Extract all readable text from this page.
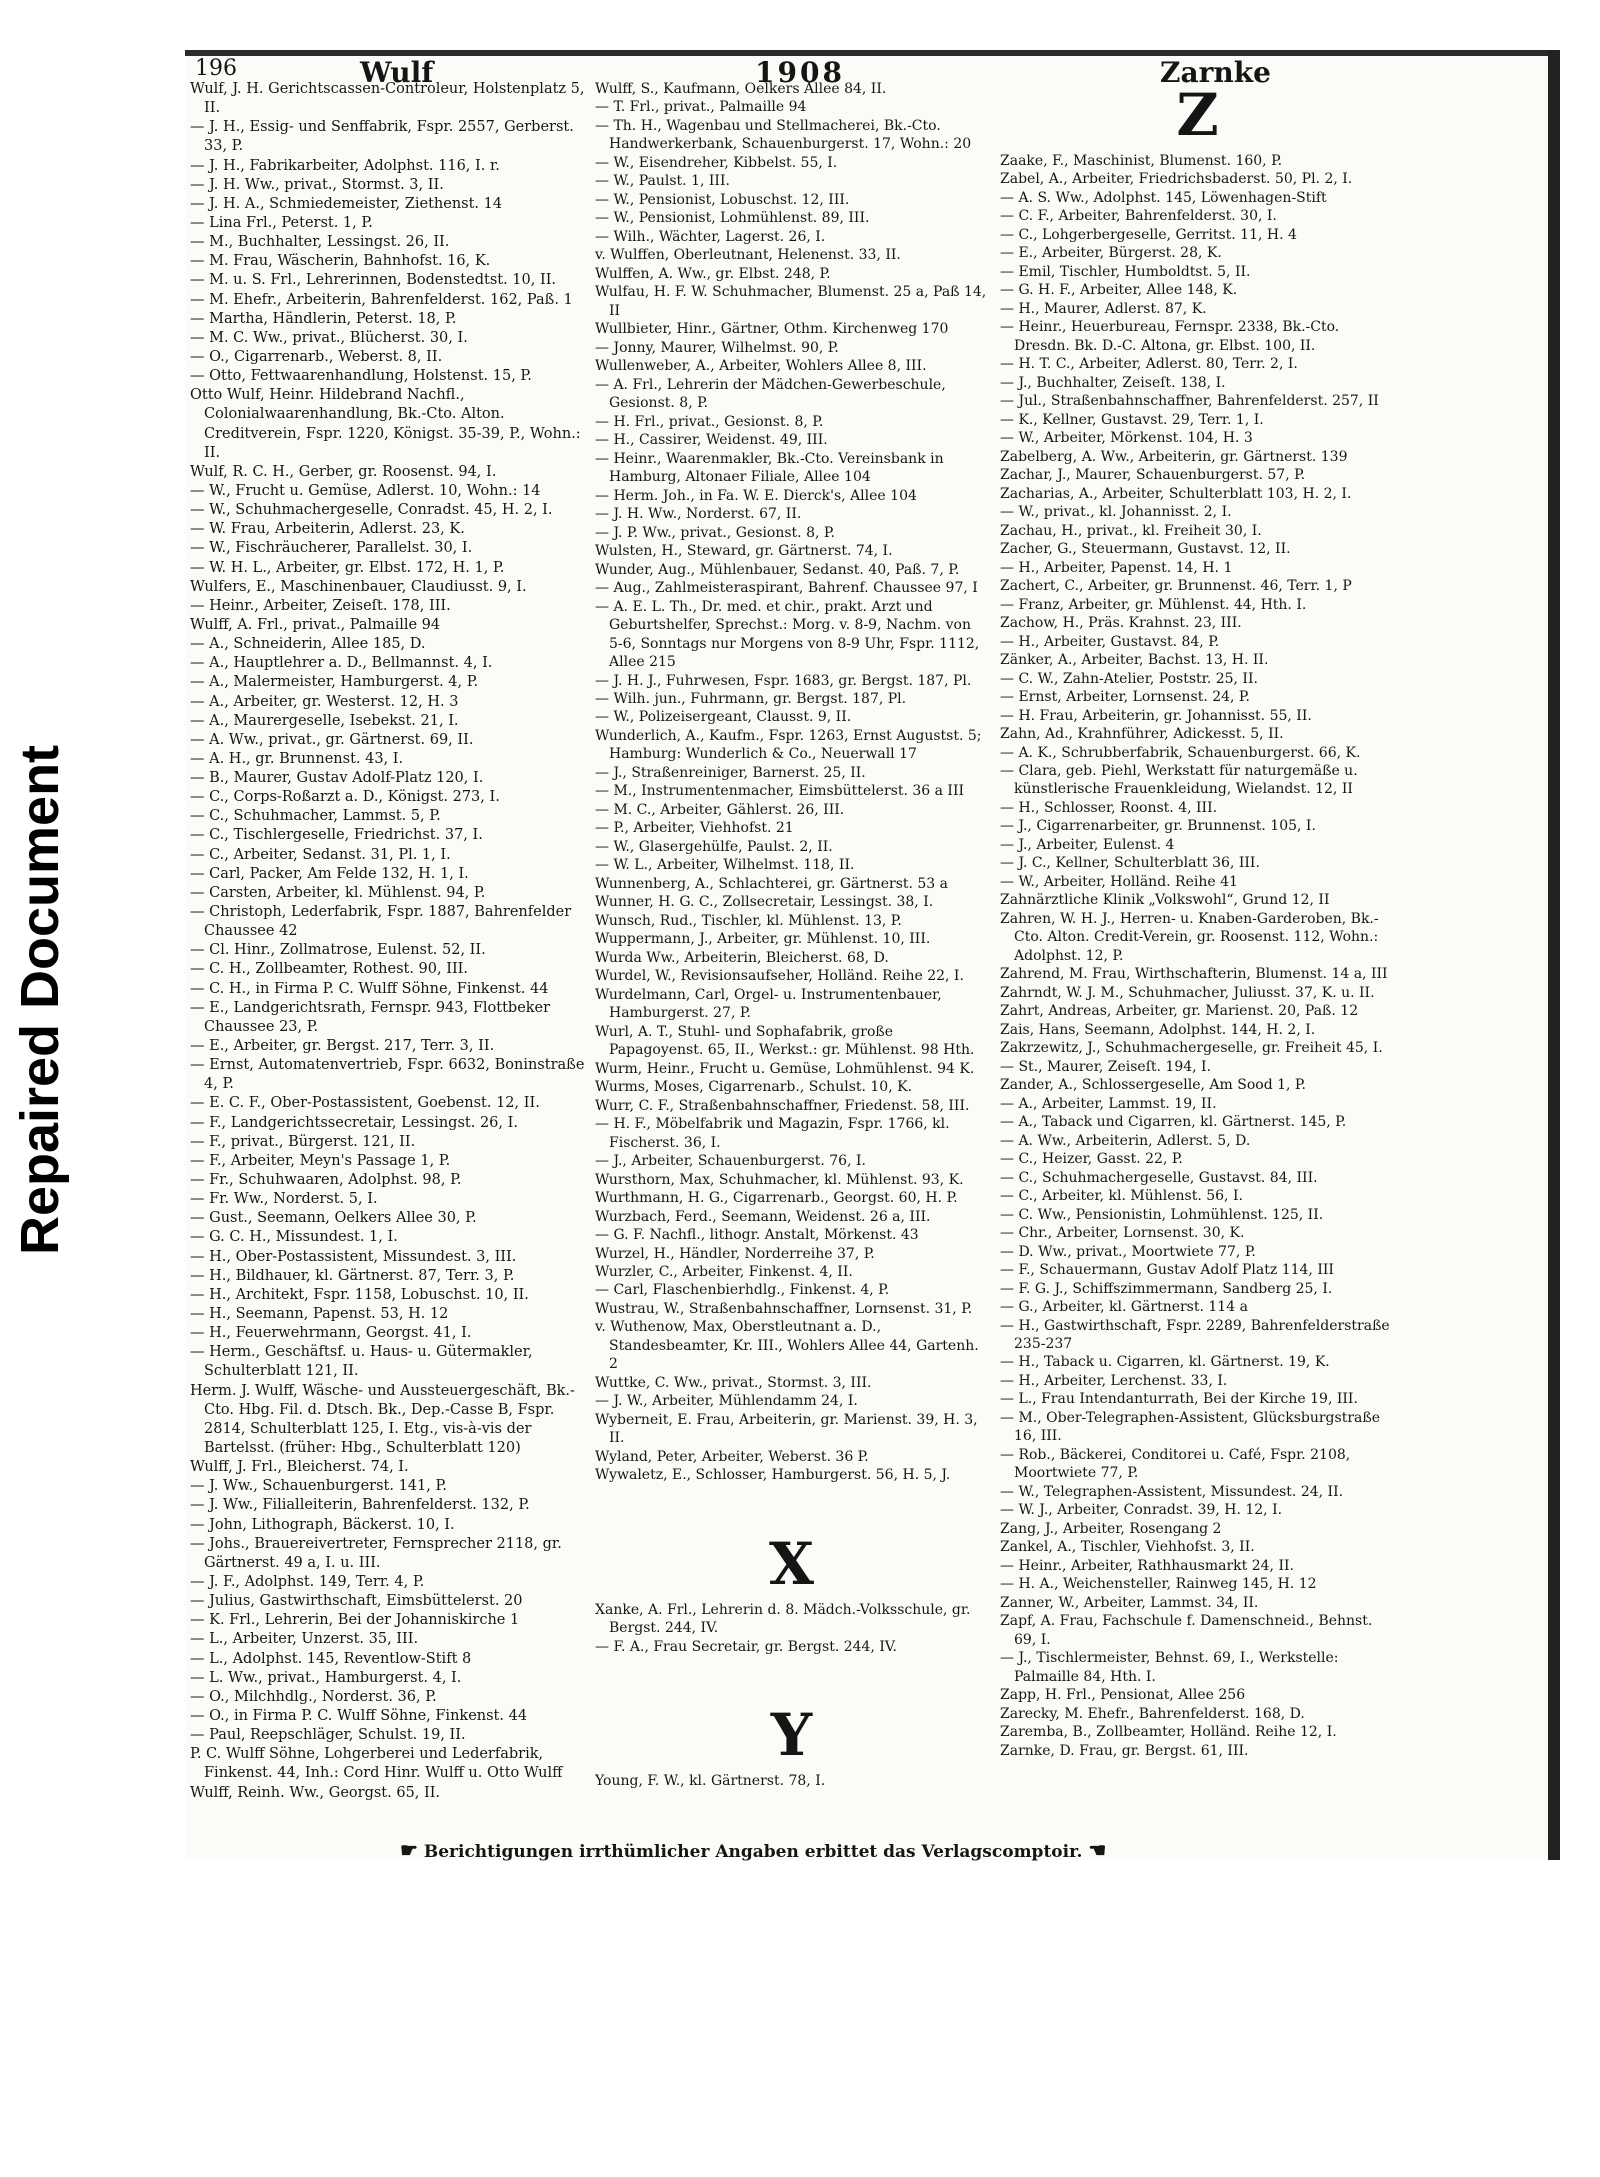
Repaired Document
196	Wulf	1908	Zarnke

Wulf, J. H. Gerichtscassen-Controleur, Holstenplatz 5, II.

— J. H., Essig- und Senffabrik, Fspr. 2557, Gerberst. 33, P.

— J. H., Fabrikarbeiter, Adolphst. 116, I. r.

— J. H. Ww., privat., Stormst. 3, II.

— J. H. A., Schmiedemeister, Ziethenst. 14

— Lina Frl., Peterst. 1, P.

— M., Buchhalter, Lessingst. 26, II.

— M. Frau, Wäscherin, Bahnhofst. 16, K.

— M. u. S. Frl., Lehrerinnen, Bodenstedtst. 10, II.

— M. Ehefr., Arbeiterin, Bahrenfelderst. 162, Paß. 1

— Martha, Händlerin, Peterst. 18, P.

— M. C. Ww., privat., Blücherst. 30, I.

— O., Cigarrenarb., Weberst. 8, II.

— Otto, Fettwaarenhandlung, Holstenst. 15, P.

Otto Wulf, Heinr. Hildebrand Nachfl., Colonialwaarenhandlung, Bk.-Cto. Alton. Creditverein, Fspr. 1220, Königst. 35-39, P., Wohn.: II.

Wulf, R. C. H., Gerber, gr. Roosenst. 94, I.

— W., Frucht u. Gemüse, Adlerst. 10, Wohn.: 14

— W., Schuhmachergeselle, Conradst. 45, H. 2, I.

— W. Frau, Arbeiterin, Adlerst. 23, K.

— W., Fischräucherer, Parallelst. 30, I.

— W. H. L., Arbeiter, gr. Elbst. 172, H. 1, P.

Wulfers, E., Maschinenbauer, Claudiusst. 9, I.

— Heinr., Arbeiter, Zeiseſt. 178, III.

Wulff, A. Frl., privat., Palmaille 94

— A., Schneiderin, Allee 185, D.

— A., Hauptlehrer a. D., Bellmannst. 4, I.

— A., Malermeister, Hamburgerst. 4, P.

— A., Arbeiter, gr. Westerst. 12, H. 3

— A., Maurergeselle, Isebekst. 21, I.

— A. Ww., privat., gr. Gärtnerst. 69, II.

— A. H., gr. Brunnenst. 43, I.

— B., Maurer, Gustav Adolf-Platz 120, I.

— C., Corps-Roßarzt a. D., Königst. 273, I.

— C., Schuhmacher, Lammst. 5, P.

— C., Tischlergeselle, Friedrichst. 37, I.

— C., Arbeiter, Sedanst. 31, Pl. 1, I.

— Carl, Packer, Am Felde 132, H. 1, I.

— Carsten, Arbeiter, kl. Mühlenst. 94, P.

— Christoph, Lederfabrik, Fspr. 1887, Bahrenfelder Chaussee 42

— Cl. Hinr., Zollmatrose, Eulenst. 52, II.

— C. H., Zollbeamter, Rothest. 90, III.

— C. H., in Firma P. C. Wulff Söhne, Finkenst. 44

— E., Landgerichtsrath, Fernspr. 943, Flottbeker Chaussee 23, P.

— E., Arbeiter, gr. Bergst. 217, Terr. 3, II.

— Ernst, Automatenvertrieb, Fspr. 6632, Boninstraße 4, P.

— E. C. F., Ober-Postassistent, Goebenst. 12, II.

— F., Landgerichtssecretair, Lessingst. 26, I.

— F., privat., Bürgerst. 121, II.

— F., Arbeiter, Meyn's Passage 1, P.

— Fr., Schuhwaaren, Adolphst. 98, P.

— Fr. Ww., Norderst. 5, I.

— Gust., Seemann, Oelkers Allee 30, P.

— G. C. H., Missundest. 1, I.

— H., Ober-Postassistent, Missundest. 3, III.

— H., Bildhauer, kl. Gärtnerst. 87, Terr. 3, P.

— H., Architekt, Fspr. 1158, Lobuschst. 10, II.

— H., Seemann, Papenst. 53, H. 12

— H., Feuerwehrmann, Georgst. 41, I.

— Herm., Geschäftsf. u. Haus- u. Gütermakler, Schulterblatt 121, II.

Herm. J. Wulff, Wäsche- und Aussteuergeschäft, Bk.-Cto. Hbg. Fil. d. Dtsch. Bk., Dep.-Casse B, Fspr. 2814, Schulterblatt 125, I. Etg., vis-à-vis der Bartelsst. (früher: Hbg., Schulterblatt 120)

Wulff, J. Frl., Bleicherst. 74, I.

— J. Ww., Schauenburgerst. 141, P.

— J. Ww., Filialleiterin, Bahrenfelderst. 132, P.

— John, Lithograph, Bäckerst. 10, I.

— Johs., Brauereivertreter, Fernsprecher 2118, gr. Gärtnerst. 49 a, I. u. III.

— J. F., Adolphst. 149, Terr. 4, P.

— Julius, Gastwirthschaft, Eimsbüttelerst. 20

— K. Frl., Lehrerin, Bei der Johanniskirche 1

— L., Arbeiter, Unzerst. 35, III.

— L., Adolphst. 145, Reventlow-Stift 8

— L. Ww., privat., Hamburgerst. 4, I.

— O., Milchhdlg., Norderst. 36, P.

— O., in Firma P. C. Wulff Söhne, Finkenst. 44

— Paul, Reepschläger, Schulst. 19, II.

P. C. Wulff Söhne, Lohgerberei und Lederfabrik, Finkenst. 44, Inh.: Cord Hinr. Wulff u. Otto Wulff

Wulff, Reinh. Ww., Georgst. 65, II.

Wulff, S., Kaufmann, Oelkers Allee 84, II.

— T. Frl., privat., Palmaille 94

— Th. H., Wagenbau und Stellmacherei, Bk.-Cto. Handwerkerbank, Schauenburgerst. 17, Wohn.: 20

— W., Eisendreher, Kibbelst. 55, I.

— W., Paulst. 1, III.

— W., Pensionist, Lobuschst. 12, III.

— W., Pensionist, Lohmühlenst. 89, III.

— Wilh., Wächter, Lagerst. 26, I.

v. Wulffen, Oberleutnant, Helenenst. 33, II.

Wulffen, A. Ww., gr. Elbst. 248, P.

Wulfau, H. F. W. Schuhmacher, Blumenst. 25 a, Paß 14, II

Wullbieter, Hinr., Gärtner, Othm. Kirchenweg 170

— Jonny, Maurer, Wilhelmst. 90, P.

Wullenweber, A., Arbeiter, Wohlers Allee 8, III.

— A. Frl., Lehrerin der Mädchen-Gewerbeschule, Gesionst. 8, P.

— H. Frl., privat., Gesionst. 8, P.

— H., Cassirer, Weidenst. 49, III.

— Heinr., Waarenmakler, Bk.-Cto. Vereinsbank in Hamburg, Altonaer Filiale, Allee 104

— Herm. Joh., in Fa. W. E. Dierck's, Allee 104

— J. H. Ww., Norderst. 67, II.

— J. P. Ww., privat., Gesionst. 8, P.

Wulsten, H., Steward, gr. Gärtnerst. 74, I.

Wunder, Aug., Mühlenbauer, Sedanst. 40, Paß. 7, P.

— Aug., Zahlmeisteraspirant, Bahrenf. Chaussee 97, I

— A. E. L. Th., Dr. med. et chir., prakt. Arzt und Geburtshelfer, Sprechst.: Morg. v. 8-9, Nachm. von 5-6, Sonntags nur Morgens von 8-9 Uhr, Fspr. 1112, Allee 215

— J. H. J., Fuhrwesen, Fspr. 1683, gr. Bergst. 187, Pl.

— Wilh. jun., Fuhrmann, gr. Bergst. 187, Pl.

— W., Polizeisergeant, Clausst. 9, II.

Wunderlich, A., Kaufm., Fspr. 1263, Ernst Augustst. 5; Hamburg: Wunderlich & Co., Neuerwall 17

— J., Straßenreiniger, Barnerst. 25, II.

— M., Instrumentenmacher, Eimsbüttelerst. 36 a III

— M. C., Arbeiter, Gählerst. 26, III.

— P., Arbeiter, Viehhofst. 21

— W., Glasergehülfe, Paulst. 2, II.

— W. L., Arbeiter, Wilhelmst. 118, II.

Wunnenberg, A., Schlachterei, gr. Gärtnerst. 53 a

Wunner, H. G. C., Zollsecretair, Lessingst. 38, I.

Wunsch, Rud., Tischler, kl. Mühlenst. 13, P.

Wuppermann, J., Arbeiter, gr. Mühlenst. 10, III.

Wurda Ww., Arbeiterin, Bleicherst. 68, D.

Wurdel, W., Revisionsaufseher, Holländ. Reihe 22, I.

Wurdelmann, Carl, Orgel- u. Instrumentenbauer, Hamburgerst. 27, P.

Wurl, A. T., Stuhl- und Sophafabrik, große Papagoyenst. 65, II., Werkst.: gr. Mühlenst. 98 Hth.

Wurm, Heinr., Frucht u. Gemüse, Lohmühlenst. 94 K.

Wurms, Moses, Cigarrenarb., Schulst. 10, K.

Wurr, C. F., Straßenbahnschaffner, Friedenst. 58, III.

— H. F., Möbelfabrik und Magazin, Fspr. 1766, kl. Fischerst. 36, I.

— J., Arbeiter, Schauenburgerst. 76, I.

Wursthorn, Max, Schuhmacher, kl. Mühlenst. 93, K.

Wurthmann, H. G., Cigarrenarb., Georgst. 60, H. P.

Wurzbach, Ferd., Seemann, Weidenst. 26 a, III.

— G. F. Nachfl., lithogr. Anstalt, Mörkenst. 43

Wurzel, H., Händler, Norderreihe 37, P.

Wurzler, C., Arbeiter, Finkenst. 4, II.

— Carl, Flaschenbierhdlg., Finkenst. 4, P.

Wustrau, W., Straßenbahnschaffner, Lornsenst. 31, P.

v. Wuthenow, Max, Oberstleutnant a. D., Standesbeamter, Kr. III., Wohlers Allee 44, Gartenh. 2

Wuttke, C. Ww., privat., Stormst. 3, III.

— J. W., Arbeiter, Mühlendamm 24, I.

Wyberneit, E. Frau, Arbeiterin, gr. Marienst. 39, H. 3, II.

Wyland, Peter, Arbeiter, Weberst. 36 P.

Wywaletz, E., Schlosser, Hamburgerst. 56, H. 5, J.

X

Xanke, A. Frl., Lehrerin d. 8. Mädch.-Volksschule, gr. Bergst. 244, IV.

— F. A., Frau Secretair, gr. Bergst. 244, IV.

Y

Young, F. W., kl. Gärtnerst. 78, I.

Z

Zaake, F., Maschinist, Blumenst. 160, P.

Zabel, A., Arbeiter, Friedrichsbaderst. 50, Pl. 2, I.

— A. S. Ww., Adolphst. 145, Löwenhagen-Stift

— C. F., Arbeiter, Bahrenfelderst. 30, I.

— C., Lohgerbergeselle, Gerritst. 11, H. 4

— E., Arbeiter, Bürgerst. 28, K.

— Emil, Tischler, Humboldtst. 5, II.

— G. H. F., Arbeiter, Allee 148, K.

— H., Maurer, Adlerst. 87, K.

— Heinr., Heuerbureau, Fernspr. 2338, Bk.-Cto. Dresdn. Bk. D.-C. Altona, gr. Elbst. 100, II.

— H. T. C., Arbeiter, Adlerst. 80, Terr. 2, I.

— J., Buchhalter, Zeiseſt. 138, I.

— Jul., Straßenbahnschaffner, Bahrenfelderst. 257, II

— K., Kellner, Gustavst. 29, Terr. 1, I.

— W., Arbeiter, Mörkenst. 104, H. 3

Zabelberg, A. Ww., Arbeiterin, gr. Gärtnerst. 139

Zachar, J., Maurer, Schauenburgerst. 57, P.

Zacharias, A., Arbeiter, Schulterblatt 103, H. 2, I.

— W., privat., kl. Johannisst. 2, I.

Zachau, H., privat., kl. Freiheit 30, I.

Zacher, G., Steuermann, Gustavst. 12, II.

— H., Arbeiter, Papenst. 14, H. 1

Zachert, C., Arbeiter, gr. Brunnenst. 46, Terr. 1, P

— Franz, Arbeiter, gr. Mühlenst. 44, Hth. I.

Zachow, H., Präs. Krahnst. 23, III.

— H., Arbeiter, Gustavst. 84, P.

Zänker, A., Arbeiter, Bachst. 13, H. II.

— C. W., Zahn-Atelier, Poststr. 25, II.

— Ernst, Arbeiter, Lornsenst. 24, P.

— H. Frau, Arbeiterin, gr. Johannisst. 55, II.

Zahn, Ad., Krahnführer, Adickesst. 5, II.

— A. K., Schrubberfabrik, Schauenburgerst. 66, K.

— Clara, geb. Piehl, Werkstatt für naturgemäße u. künstlerische Frauenkleidung, Wielandst. 12, II

— H., Schlosser, Roonst. 4, III.

— J., Cigarrenarbeiter, gr. Brunnenst. 105, I.

— J., Arbeiter, Eulenst. 4

— J. C., Kellner, Schulterblatt 36, III.

— W., Arbeiter, Holländ. Reihe 41

Zahnärztliche Klinik „Volkswohl“, Grund 12, II

Zahren, W. H. J., Herren- u. Knaben-Garderoben, Bk.-Cto. Alton. Credit-Verein, gr. Roosenst. 112, Wohn.: Adolphst. 12, P.

Zahrend, M. Frau, Wirthschafterin, Blumenst. 14 a, III

Zahrndt, W. J. M., Schuhmacher, Juliusst. 37, K. u. II.

Zahrt, Andreas, Arbeiter, gr. Marienst. 20, Paß. 12

Zais, Hans, Seemann, Adolphst. 144, H. 2, I.

Zakrzewitz, J., Schuhmachergeselle, gr. Freiheit 45, I.

— St., Maurer, Zeiseſt. 194, I.

Zander, A., Schlossergeselle, Am Sood 1, P.

— A., Arbeiter, Lammst. 19, II.

— A., Taback und Cigarren, kl. Gärtnerst. 145, P.

— A. Ww., Arbeiterin, Adlerst. 5, D.

— C., Heizer, Gasst. 22, P.

— C., Schuhmachergeselle, Gustavst. 84, III.

— C., Arbeiter, kl. Mühlenst. 56, I.

— C. Ww., Pensionistin, Lohmühlenst. 125, II.

— Chr., Arbeiter, Lornsenst. 30, K.

— D. Ww., privat., Moortwiete 77, P.

— F., Schauermann, Gustav Adolf Platz 114, III

— F. G. J., Schiffszimmermann, Sandberg 25, I.

— G., Arbeiter, kl. Gärtnerst. 114 a

— H., Gastwirthschaft, Fspr. 2289, Bahrenfelderstraße 235-237

— H., Taback u. Cigarren, kl. Gärtnerst. 19, K.

— H., Arbeiter, Lerchenst. 33, I.

— L., Frau Intendanturrath, Bei der Kirche 19, III.

— M., Ober-Telegraphen-Assistent, Glücksburgstraße 16, III.

— Rob., Bäckerei, Conditorei u. Café, Fspr. 2108, Moortwiete 77, P.

— W., Telegraphen-Assistent, Missundest. 24, II.

— W. J., Arbeiter, Conradst. 39, H. 12, I.

Zang, J., Arbeiter, Rosengang 2

Zankel, A., Tischler, Viehhofst. 3, II.

— Heinr., Arbeiter, Rathhausmarkt 24, II.

— H. A., Weichensteller, Rainweg 145, H. 12

Zanner, W., Arbeiter, Lammst. 34, II.

Zapf, A. Frau, Fachschule f. Damenschneid., Behnst. 69, I.

— J., Tischlermeister, Behnst. 69, I., Werkstelle: Palmaille 84, Hth. I.

Zapp, H. Frl., Pensionat, Allee 256

Zarecky, M. Ehefr., Bahrenfelderst. 168, D.

Zaremba, B., Zollbeamter, Holländ. Reihe 12, I.

Zarnke, D. Frau, gr. Bergst. 61, III.

☛ Berichtigungen irrthümlicher Angaben erbittet das Verlagscomptoir. ☚
